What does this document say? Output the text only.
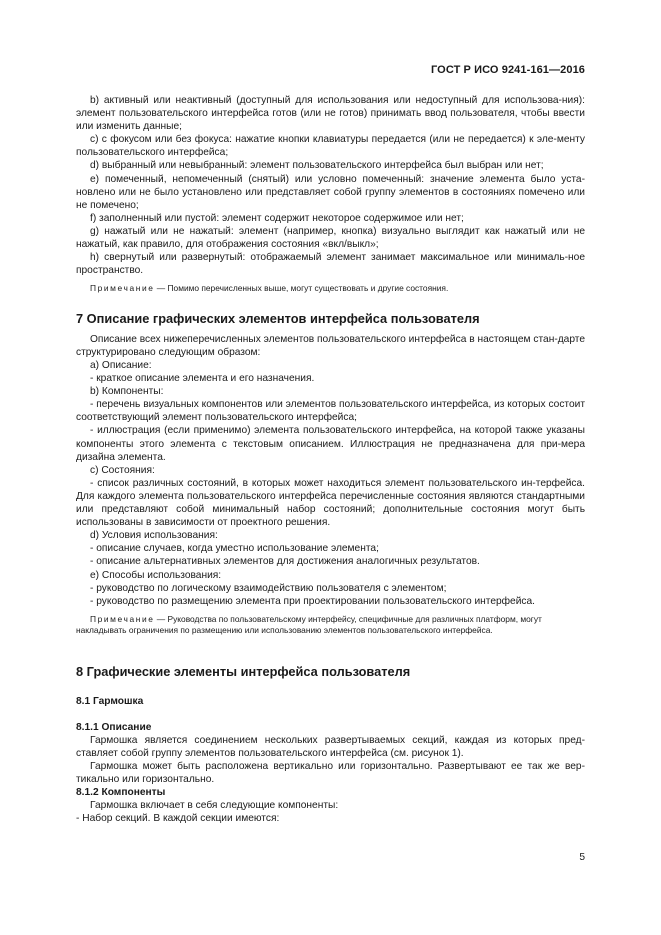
ГОСТ Р ИСО 9241-161—2016

b) активный или неактивный (доступный для использования или недоступный для использова-ния): элемент пользовательского интерфейса готов (или не готов) принимать ввод пользователя, чтобы ввести или изменить данные;

c) с фокусом или без фокуса: нажатие кнопки клавиатуры передается (или не передается) к эле-менту пользовательского интерфейса;

d) выбранный или невыбранный: элемент пользовательского интерфейса был выбран или нет;

e) помеченный, непомеченный (снятый) или условно помеченный: значение элемента было уста-новлено или не было установлено или представляет собой группу элементов в состояниях помечено или не помечено;

f) заполненный или пустой: элемент содержит некоторое содержимое или нет;

g) нажатый или не нажатый: элемент (например, кнопка) визуально выглядит как нажатый или не нажатый, как правило, для отображения состояния «вкл/выкл»;

h) свернутый или развернутый: отображаемый элемент занимает максимальное или минималь-ное пространство.

Примечание — Помимо перечисленных выше, могут существовать и другие состояния.

7 Описание графических элементов интерфейса пользователя

Описание всех нижеперечисленных элементов пользовательского интерфейса в настоящем стан-дарте структурировано следующим образом:

a) Описание:

- краткое описание элемента и его назначения.

b) Компоненты:

- перечень визуальных компонентов или элементов пользовательского интерфейса, из которых состоит соответствующий элемент пользовательского интерфейса;

- иллюстрация (если применимо) элемента пользовательского интерфейса, на которой также указаны компоненты этого элемента с текстовым описанием. Иллюстрация не предназначена для при-мера дизайна элемента.

c) Состояния:

- список различных состояний, в которых может находиться элемент пользовательского ин-терфейса. Для каждого элемента пользовательского интерфейса перечисленные состояния являются стандартными или представляют собой минимальный набор состояний; дополнительные состояния могут быть использованы в зависимости от проектного решения.

d) Условия использования:

- описание случаев, когда уместно использование элемента;

- описание альтернативных элементов для достижения аналогичных результатов.

e) Способы использования:

- руководство по логическому взаимодействию пользователя с элементом;

- руководство по размещению элемента при проектировании пользовательского интерфейса.

Примечание — Руководства по пользовательскому интерфейсу, специфичные для различных платформ, могут накладывать ограничения по размещению или использованию элементов пользовательского интерфейса.

8 Графические элементы интерфейса пользователя

8.1 Гармошка

8.1.1 Описание

Гармошка является соединением нескольких развертываемых секций, каждая из которых пред-ставляет собой группу элементов пользовательского интерфейса (см. рисунок 1).

Гармошка может быть расположена вертикально или горизонтально. Развертывают ее так же вер-тикально или горизонтально.

8.1.2 Компоненты

Гармошка включает в себя следующие компоненты:

- Набор секций. В каждой секции имеются:

5
